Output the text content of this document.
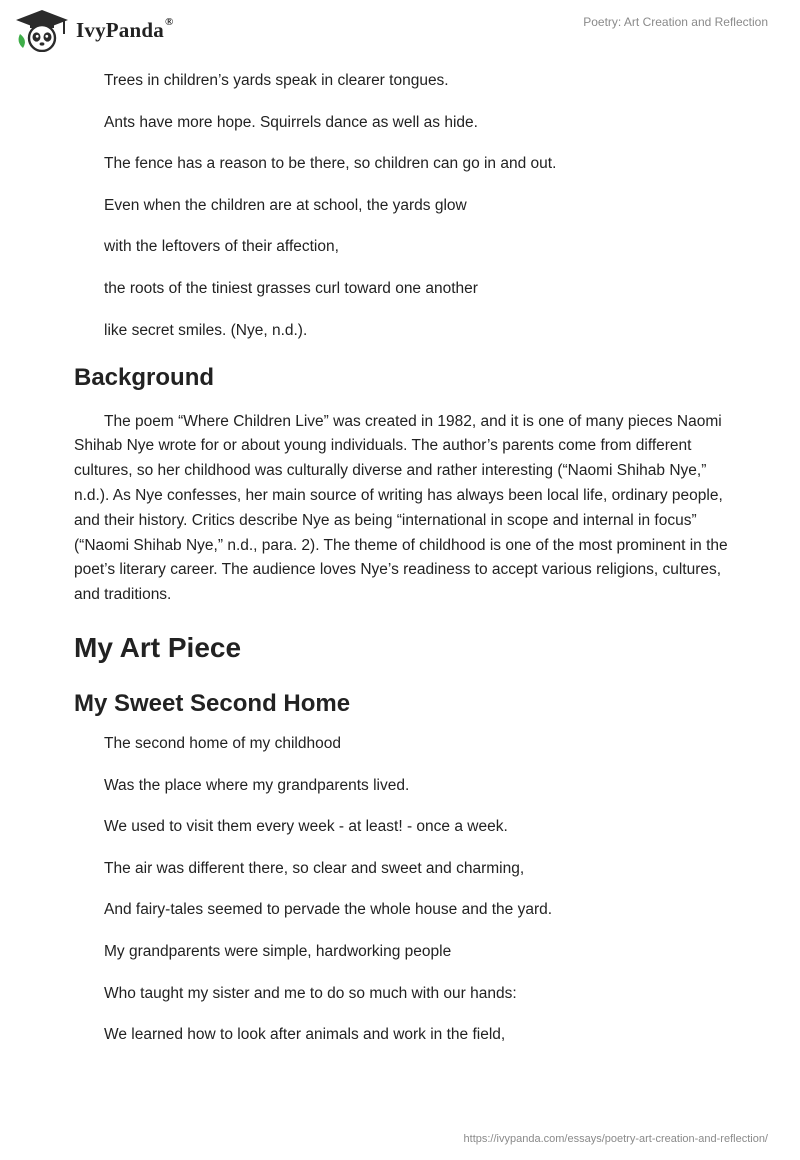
IvyPanda®	Poetry: Art Creation and Reflection

Trees in children’s yards speak in clearer tongues.

Ants have more hope. Squirrels dance as well as hide.

The fence has a reason to be there, so children can go in and out.

Even when the children are at school, the yards glow

with the leftovers of their affection,

the roots of the tiniest grasses curl toward one another

like secret smiles. (Nye, n.d.).

Background

The poem “Where Children Live” was created in 1982, and it is one of many pieces Naomi Shihab Nye wrote for or about young individuals. The author’s parents come from different cultures, so her childhood was culturally diverse and rather interesting (“Naomi Shihab Nye,” n.d.). As Nye confesses, her main source of writing has always been local life, ordinary people, and their history. Critics describe Nye as being “international in scope and internal in focus” (“Naomi Shihab Nye,” n.d., para. 2). The theme of childhood is one of the most prominent in the poet’s literary career. The audience loves Nye’s readiness to accept various religions, cultures, and traditions.

My Art Piece
My Sweet Second Home

The second home of my childhood

Was the place where my grandparents lived.

We used to visit them every week - at least! - once a week.

The air was different there, so clear and sweet and charming,

And fairy-tales seemed to pervade the whole house and the yard.

My grandparents were simple, hardworking people

Who taught my sister and me to do so much with our hands:

We learned how to look after animals and work in the field,

https://ivypanda.com/essays/poetry-art-creation-and-reflection/
